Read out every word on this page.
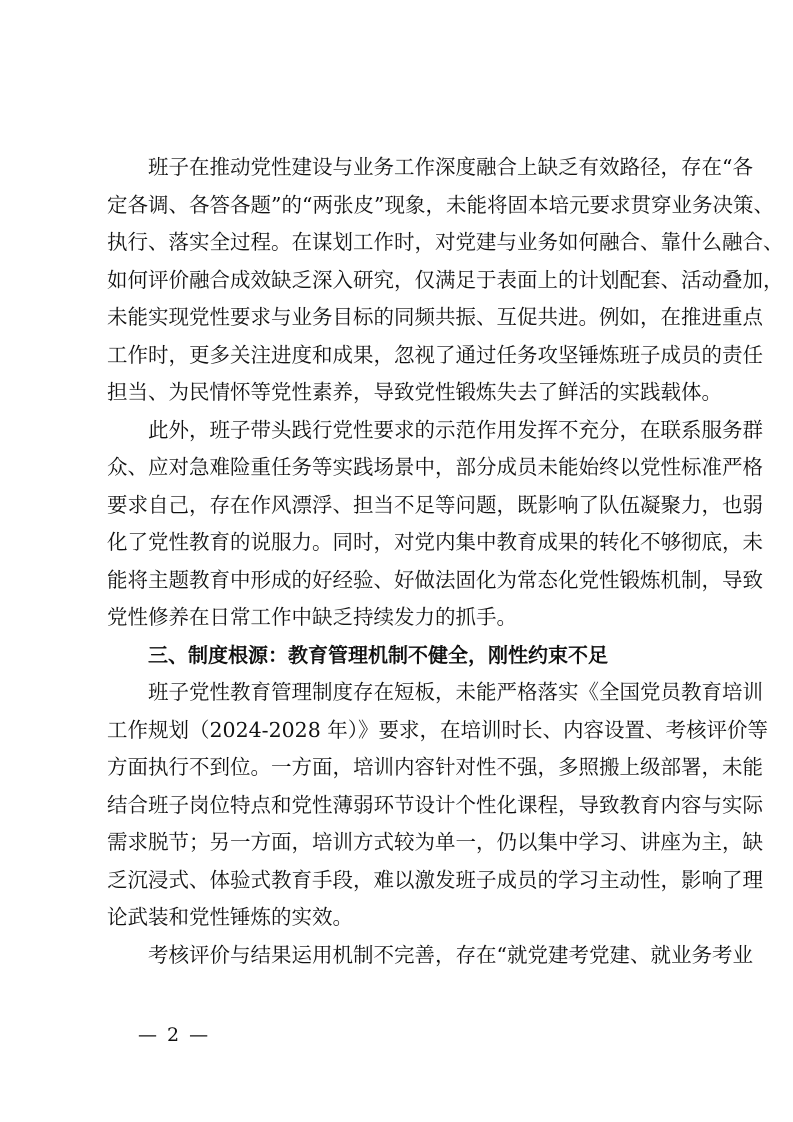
班子在推动党性建设与业务工作深度融合上缺乏有效路径，存在“各
定各调、各答各题”的“两张皮”现象，未能将固本培元要求贯穿业务决策、
执行、落实全过程。在谋划工作时，对党建与业务如何融合、靠什么融合、
如何评价融合成效缺乏深入研究，仅满足于表面上的计划配套、活动叠加，
未能实现党性要求与业务目标的同频共振、互促共进。例如，在推进重点
工作时，更多关注进度和成果，忽视了通过任务攻坚锤炼班子成员的责任
担当、为民情怀等党性素养，导致党性锻炼失去了鲜活的实践载体。
此外，班子带头践行党性要求的示范作用发挥不充分，在联系服务群
众、应对急难险重任务等实践场景中，部分成员未能始终以党性标准严格
要求自己，存在作风漂浮、担当不足等问题，既影响了队伍凝聚力，也弱
化了党性教育的说服力。同时，对党内集中教育成果的转化不够彻底，未
能将主题教育中形成的好经验、好做法固化为常态化党性锻炼机制，导致
党性修养在日常工作中缺乏持续发力的抓手。
三、制度根源：教育管理机制不健全，刚性约束不足
班子党性教育管理制度存在短板，未能严格落实《全国党员教育培训
工作规划（2024-2028 年）》要求，在培训时长、内容设置、考核评价等
方面执行不到位。一方面，培训内容针对性不强，多照搬上级部署，未能
结合班子岗位特点和党性薄弱环节设计个性化课程，导致教育内容与实际
需求脱节；另一方面，培训方式较为单一，仍以集中学习、讲座为主，缺
乏沉浸式、体验式教育手段，难以激发班子成员的学习主动性，影响了理
论武装和党性锤炼的实效。
考核评价与结果运用机制不完善，存在“就党建考党建、就业务考业
— 2 —
